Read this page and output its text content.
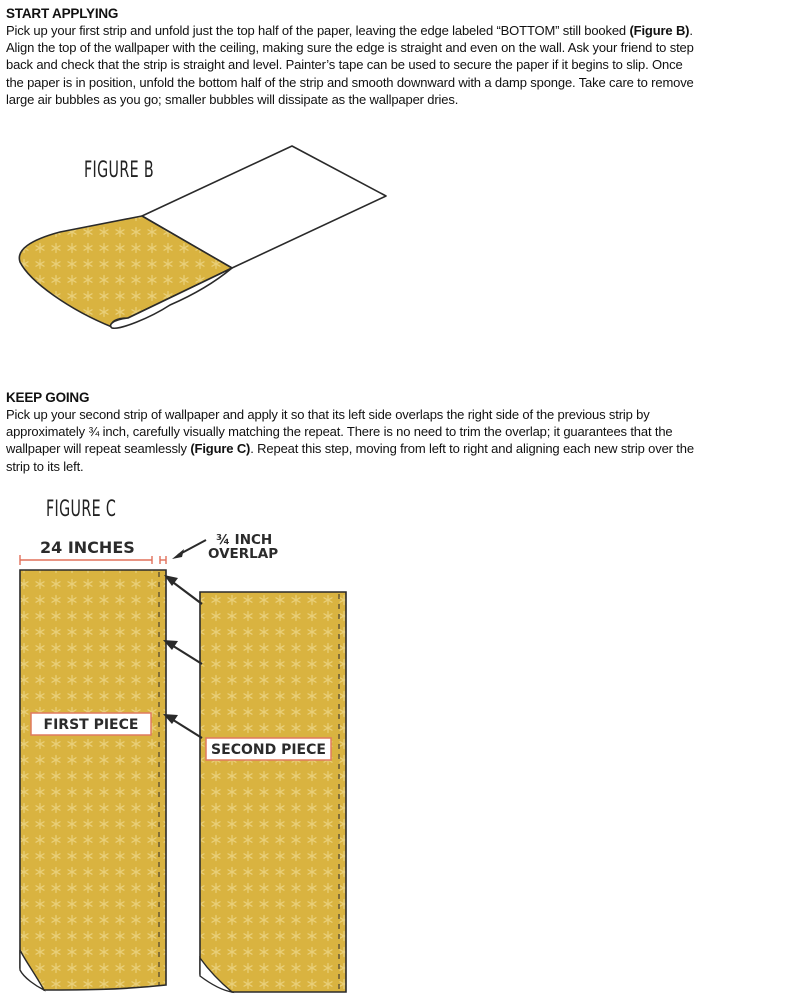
START APPLYING
Pick up your first strip and unfold just the top half of the paper, leaving the edge labeled “BOTTOM” still booked (Figure B). Align the top of the wallpaper with the ceiling, making sure the edge is straight and even on the wall. Ask your friend to step back and check that the strip is straight and level. Painter’s tape can be used to secure the paper if it begins to slip. Once the paper is in position, unfold the bottom half of the strip and smooth downward with a damp sponge. Take care to remove large air bubbles as you go; smaller bubbles will dissipate as the wallpaper dries.
FIGURE B
24 INCHES	¾ INCH
OVERLAP
FIRST PIECE
SECOND PIECE
KEEP GOING
Pick up your second strip of wallpaper and apply it so that its left side overlaps the right side of the previous strip by approximately ¾ inch, carefully visually matching the repeat. There is no need to trim the overlap; it guarantees that the wallpaper will repeat seamlessly (Figure C). Repeat this step, moving from left to right and aligning each new strip over the strip to its left.
FIGURE C
